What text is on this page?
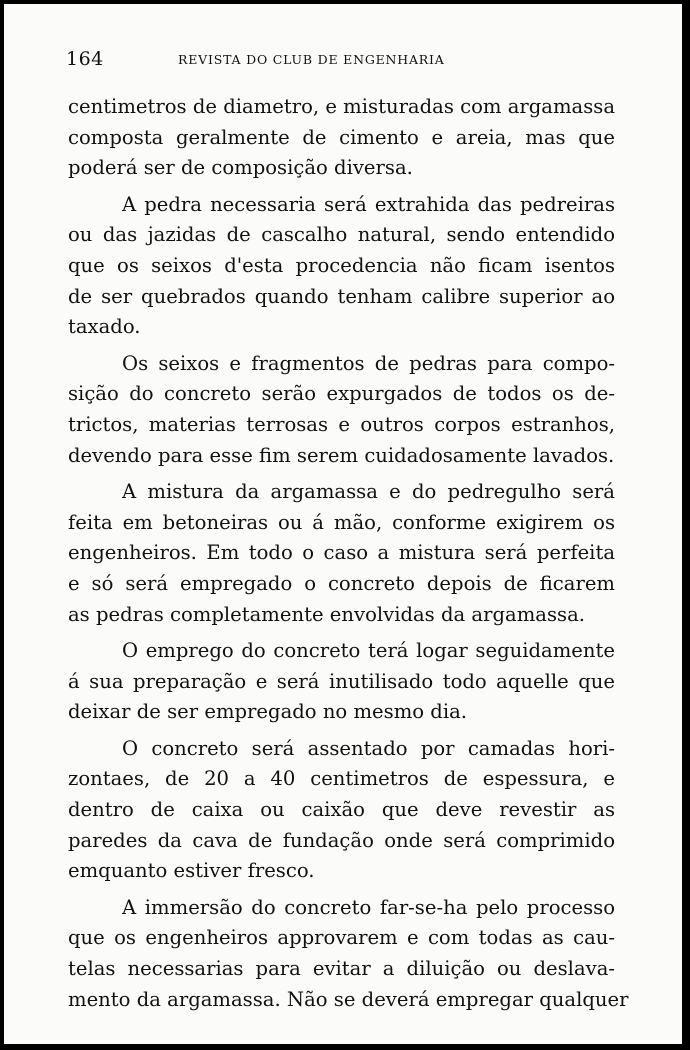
164	REVISTA DO CLUB DE ENGENHARIA
centimetros de diametro, e misturadas com argamassa
composta geralmente de cimento e areia, mas que
poderá ser de composição diversa.
A pedra necessaria será extrahida das pedreiras
ou das jazidas de cascalho natural, sendo entendido
que os seixos d'esta procedencia não ficam isentos
de ser quebrados quando tenham calibre superior ao
taxado.
Os seixos e fragmentos de pedras para compo-
sição do concreto serão expurgados de todos os de-
trictos, materias terrosas e outros corpos estranhos,
devendo para esse fim serem cuidadosamente lavados.
A mistura da argamassa e do pedregulho será
feita em betoneiras ou á mão, conforme exigirem os
engenheiros. Em todo o caso a mistura será perfeita
e só será empregado o concreto depois de ficarem
as pedras completamente envolvidas da argamassa.
O emprego do concreto terá logar seguidamente
á sua preparação e será inutilisado todo aquelle que
deixar de ser empregado no mesmo dia.
O concreto será assentado por camadas hori-
zontaes, de 20 a 40 centimetros de espessura, e
dentro de caixa ou caixão que deve revestir as
paredes da cava de fundação onde será comprimido
emquanto estiver fresco.
A immersão do concreto far-se-ha pelo processo
que os engenheiros approvarem e com todas as cau-
telas necessarias para evitar a diluição ou deslava-
mento da argamassa. Não se deverá empregar qualquer
